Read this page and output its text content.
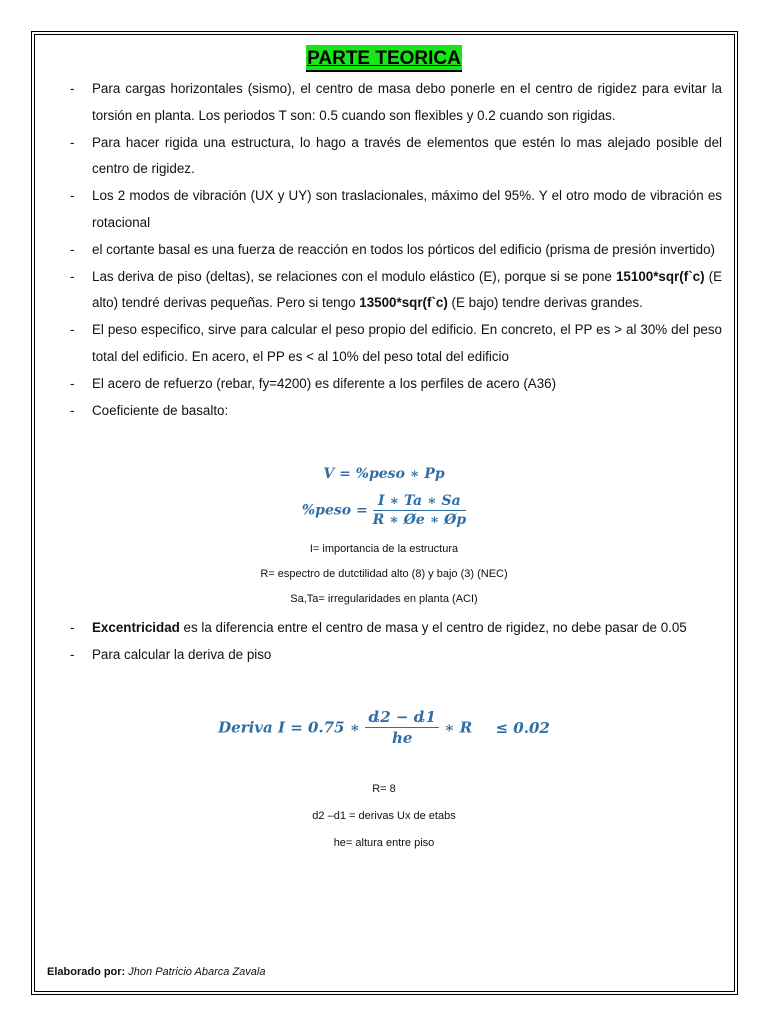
PARTE TEORICA
- Para cargas horizontales (sismo), el centro de masa debo ponerle en el centro de rigidez para evitar la torsión en planta. Los periodos T son: 0.5 cuando son flexibles y 0.2 cuando son rigidas.
- Para hacer rigida una estructura, lo hago a través de elementos que estén lo mas alejado posible del centro de rigidez.
- Los 2 modos de vibración (UX y UY) son traslacionales, máximo del 95%. Y el otro modo de vibración es rotacional
- el cortante basal es una fuerza de reacción en todos los pórticos del edificio (prisma de presión invertido)
- Las deriva de piso (deltas), se relaciones con el modulo elástico (E), porque si se pone 15100*sqr(f`c) (E alto) tendré derivas pequeñas. Pero si tengo 13500*sqr(f`c) (E bajo) tendre derivas grandes.
- El peso especifico, sirve para calcular el peso propio del edificio. En concreto, el PP es > al 30% del peso total del edificio. En acero, el PP es < al 10% del peso total del edificio
- El acero de refuerzo (rebar, fy=4200) es diferente a los perfiles de acero (A36)
- Coeficiente de basalto:
V = %peso ∗ Pp
%peso = $\frac{I ∗ Ta ∗ Sa}{R ∗ Øe ∗ Øp}$
I= importancia de la estructura
R= espectro de dutctilidad alto (8) y bajo (3) (NEC)
Sa,Ta= irregularidades en planta (ACI)
- Excentricidad es la diferencia entre el centro de masa y el centro de rigidez, no debe pasar de 0.05
- Para calcular la deriva de piso
Deriva I = 0.75 ∗ $\frac{ȡ2 - ȡ1}{he}$ ∗ R ≤ 0.02
R= 8
d2 –d1 = derivas Ux de etabs
he= altura entre piso
Elaborado por: Jhon Patricio Abarca Zavala
